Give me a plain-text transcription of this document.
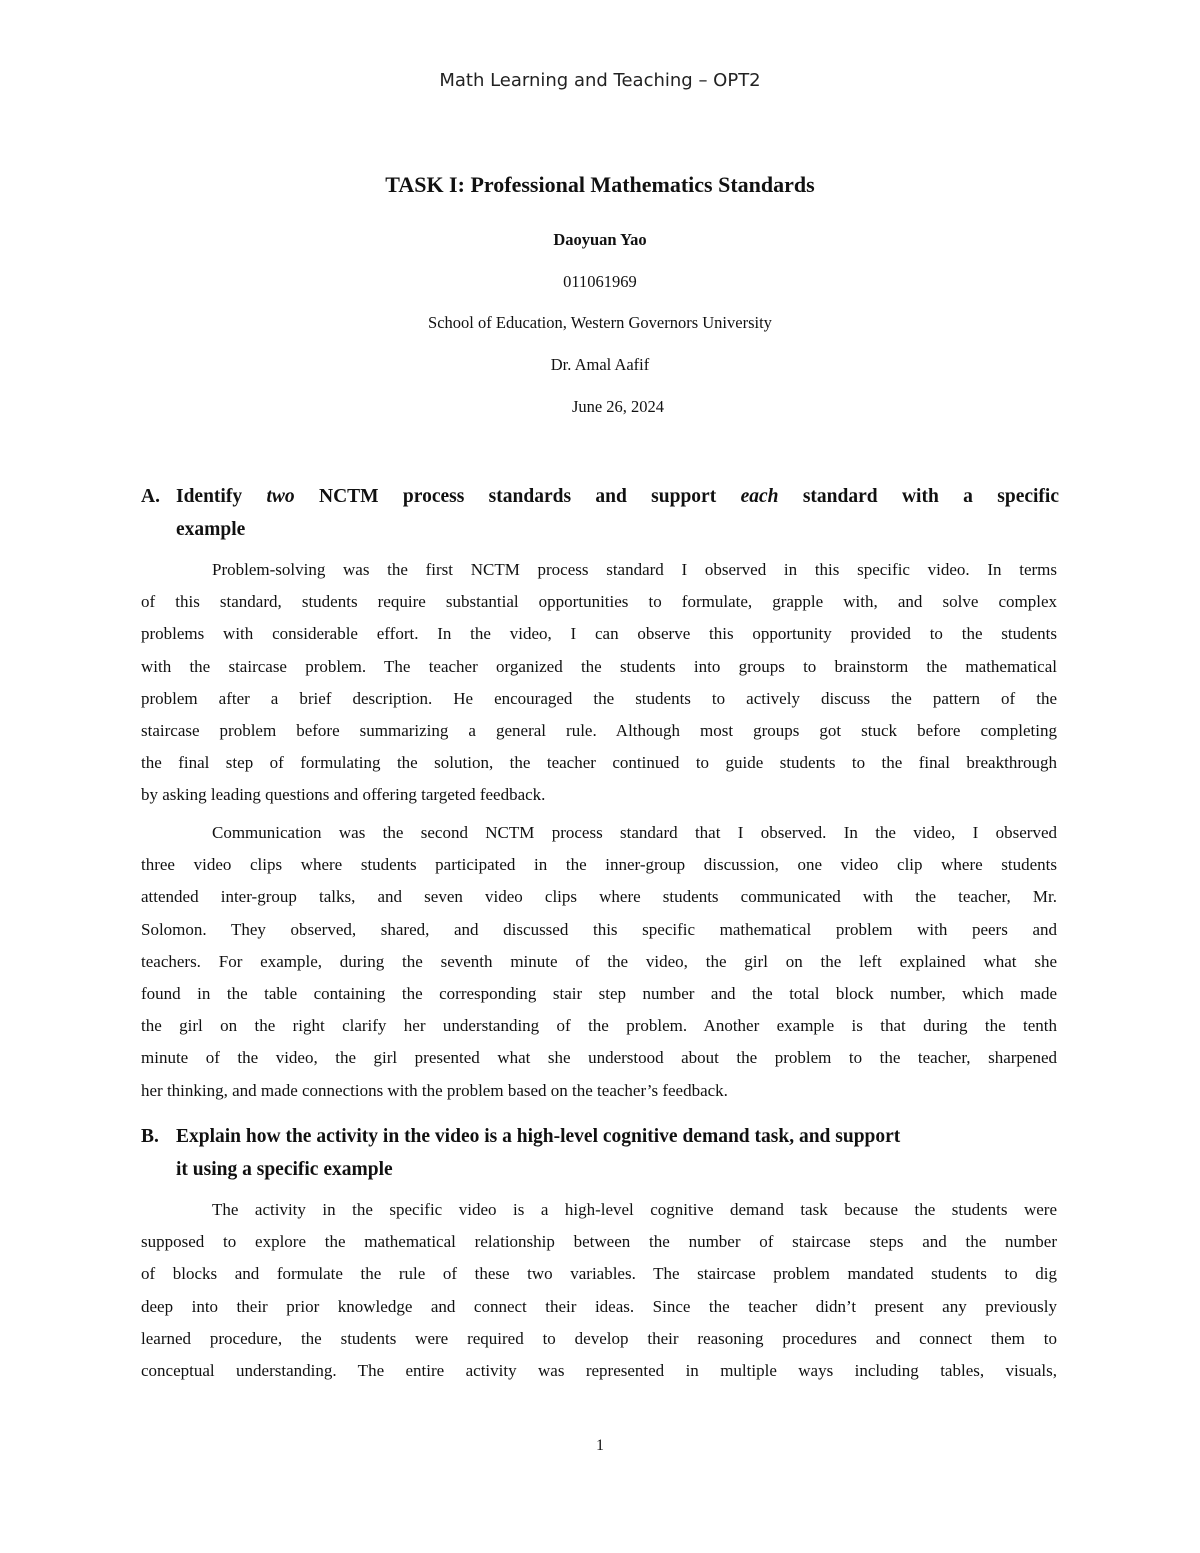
Math Learning and Teaching – OPT2
TASK I: Professional Mathematics Standards
Daoyuan Yao
011061969
School of Education, Western Governors University
Dr. Amal Aafif
June 26, 2024
A. Identify two NCTM process standards and support each standard with a specific
example
Problem-solving was the first NCTM process standard I observed in this specific video. In terms
of this standard, students require substantial opportunities to formulate, grapple with, and solve complex
problems with considerable effort. In the video, I can observe this opportunity provided to the students
with the staircase problem. The teacher organized the students into groups to brainstorm the mathematical
problem after a brief description. He encouraged the students to actively discuss the pattern of the
staircase problem before summarizing a general rule. Although most groups got stuck before completing
the final step of formulating the solution, the teacher continued to guide students to the final breakthrough
by asking leading questions and offering targeted feedback.
Communication was the second NCTM process standard that I observed. In the video, I observed
three video clips where students participated in the inner-group discussion, one video clip where students
attended inter-group talks, and seven video clips where students communicated with the teacher, Mr.
Solomon. They observed, shared, and discussed this specific mathematical problem with peers and
teachers. For example, during the seventh minute of the video, the girl on the left explained what she
found in the table containing the corresponding stair step number and the total block number, which made
the girl on the right clarify her understanding of the problem. Another example is that during the tenth
minute of the video, the girl presented what she understood about the problem to the teacher, sharpened
her thinking, and made connections with the problem based on the teacher’s feedback.
B. Explain how the activity in the video is a high-level cognitive demand task, and support
it using a specific example
The activity in the specific video is a high-level cognitive demand task because the students were
supposed to explore the mathematical relationship between the number of staircase steps and the number
of blocks and formulate the rule of these two variables. The staircase problem mandated students to dig
deep into their prior knowledge and connect their ideas. Since the teacher didn’t present any previously
learned procedure, the students were required to develop their reasoning procedures and connect them to
conceptual understanding. The entire activity was represented in multiple ways including tables, visuals,
1
